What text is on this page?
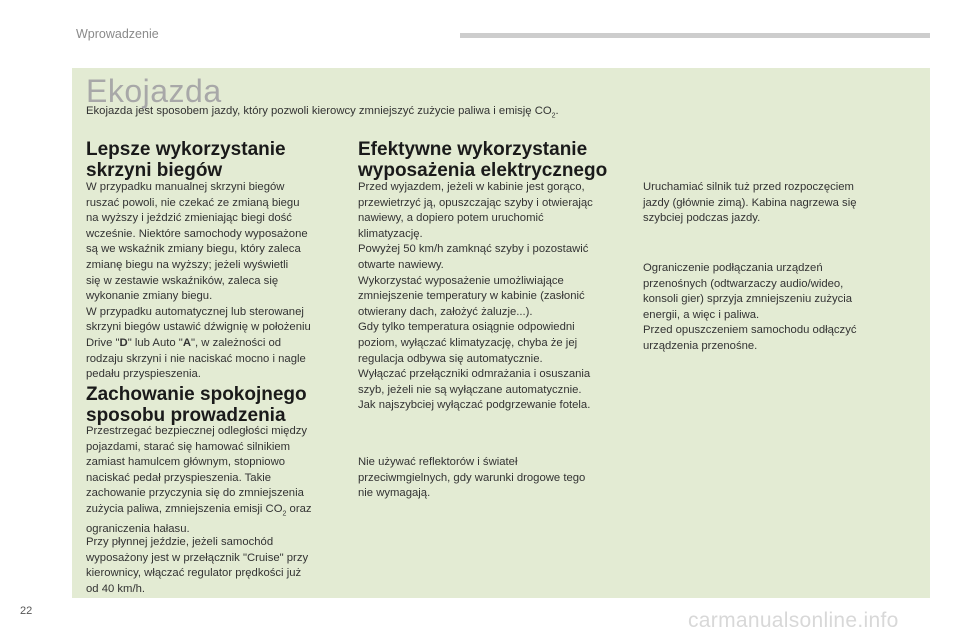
Wprowadzenie
Ekojazda
Ekojazda jest sposobem jazdy, który pozwoli kierowcy zmniejszyć zużycie paliwa i emisję $CO_2$.
Lepsze wykorzystanie skrzyni biegów

W przypadku manualnej skrzyni biegów
ruszać powoli, nie czekać ze zmianą biegu
na wyższy i jeździć zmieniając biegi dość
wcześnie. Niektóre samochody wyposażone
są we wskaźnik zmiany biegu, który zaleca
zmianę biegu na wyższy; jeżeli wyświetli
się w zestawie wskaźników, zaleca się
wykonanie zmiany biegu.
W przypadku automatycznej lub sterowanej
skrzyni biegów ustawić dźwignię w położeniu
Drive "D" lub Auto "A", w zależności od
rodzaju skrzyni i nie naciskać mocno i nagle
pedału przyspieszenia.

Zachowanie spokojnego sposobu prowadzenia

Przestrzegać bezpiecznej odległości między
pojazdami, starać się hamować silnikiem
zamiast hamulcem głównym, stopniowo
naciskać pedał przyspieszenia. Takie
zachowanie przyczynia się do zmniejszenia
zużycia paliwa, zmniejszenia emisji $CO_2$ oraz
ograniczenia hałasu.

Przy płynnej jeździe, jeżeli samochód
wyposażony jest w przełącznik "Cruise" przy
kierownicy, włączać regulator prędkości już
od 40 km/h.

Efektywne wykorzystanie wyposażenia elektrycznego

Przed wyjazdem, jeżeli w kabinie jest gorąco,
przewietrzyć ją, opuszczając szyby i otwierając
nawiewy, a dopiero potem uruchomić
klimatyzację.
Powyżej 50 km/h zamknąć szyby i pozostawić
otwarte nawiewy.
Wykorzystać wyposażenie umożliwiające
zmniejszenie temperatury w kabinie (zasłonić
otwierany dach, założyć żaluzje...).
Gdy tylko temperatura osiągnie odpowiedni
poziom, wyłączać klimatyzację, chyba że jej
regulacja odbywa się automatycznie.
Wyłączać przełączniki odmrażania i osuszania
szyb, jeżeli nie są wyłączane automatycznie.
Jak najszybciej wyłączać podgrzewanie fotela.

Nie używać reflektorów i świateł
przeciwmgielnych, gdy warunki drogowe tego
nie wymagają.

Uruchamiać silnik tuż przed rozpoczęciem
jazdy (głównie zimą). Kabina nagrzewa się
szybciej podczas jazdy.

Ograniczenie podłączania urządzeń
przenośnych (odtwarzaczy audio/wideo,
konsoli gier) sprzyja zmniejszeniu zużycia
energii, a więc i paliwa.
Przed opuszczeniem samochodu odłączyć
urządzenia przenośne.

22	carmanualsonline.info
